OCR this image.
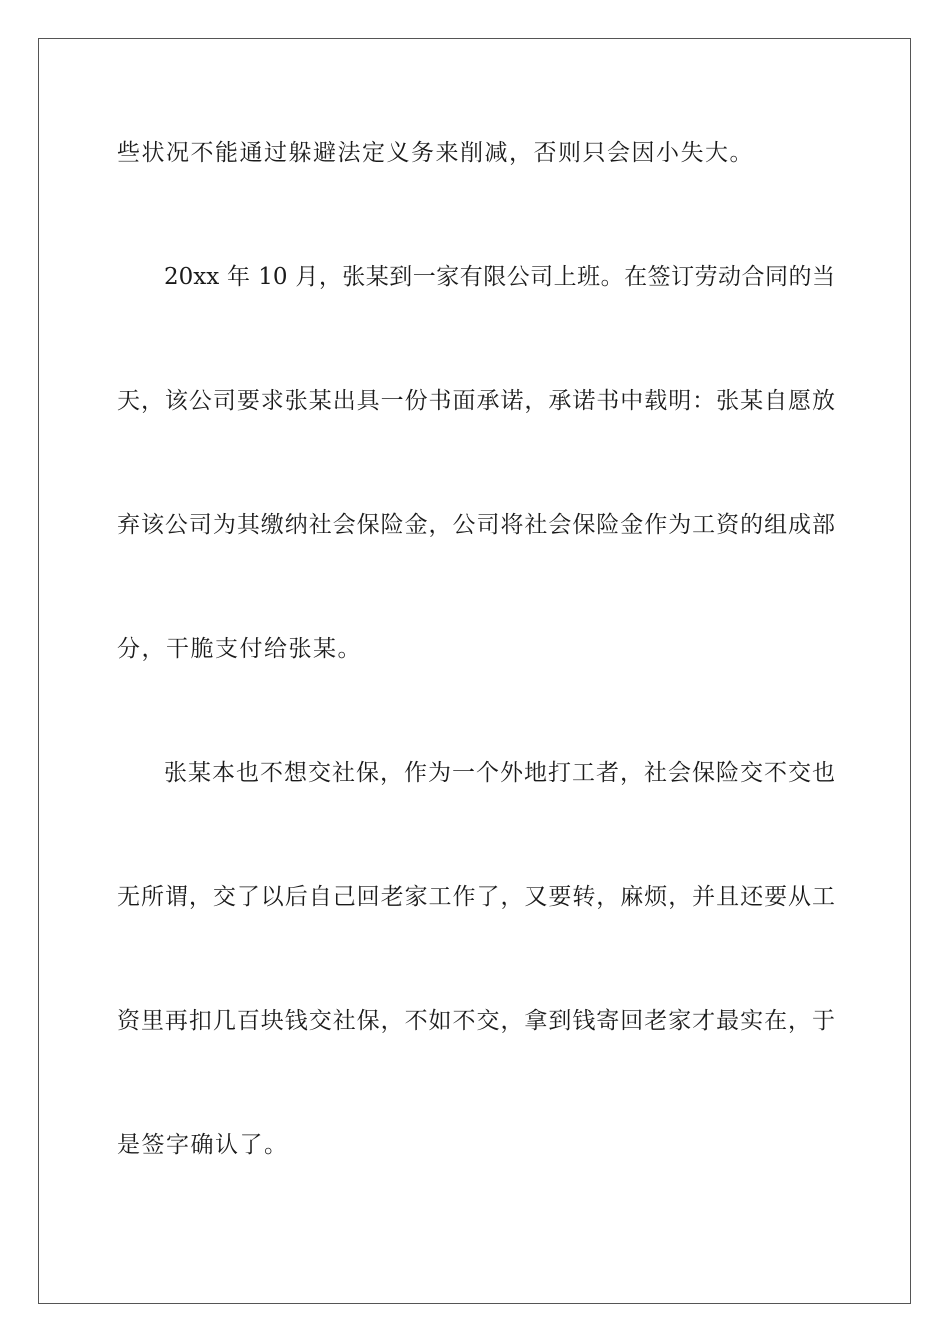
些状况不能通过躲避法定义务来削减，否则只会因小失大。
20xx 年 10 月，张某到一家有限公司上班。在签订劳动合同的当
天，该公司要求张某出具一份书面承诺，承诺书中载明：张某自愿放
弃该公司为其缴纳社会保险金，公司将社会保险金作为工资的组成部
分，干脆支付给张某。
张某本也不想交社保，作为一个外地打工者，社会保险交不交也
无所谓，交了以后自己回老家工作了，又要转，麻烦，并且还要从工
资里再扣几百块钱交社保，不如不交，拿到钱寄回老家才最实在，于
是签字确认了。
